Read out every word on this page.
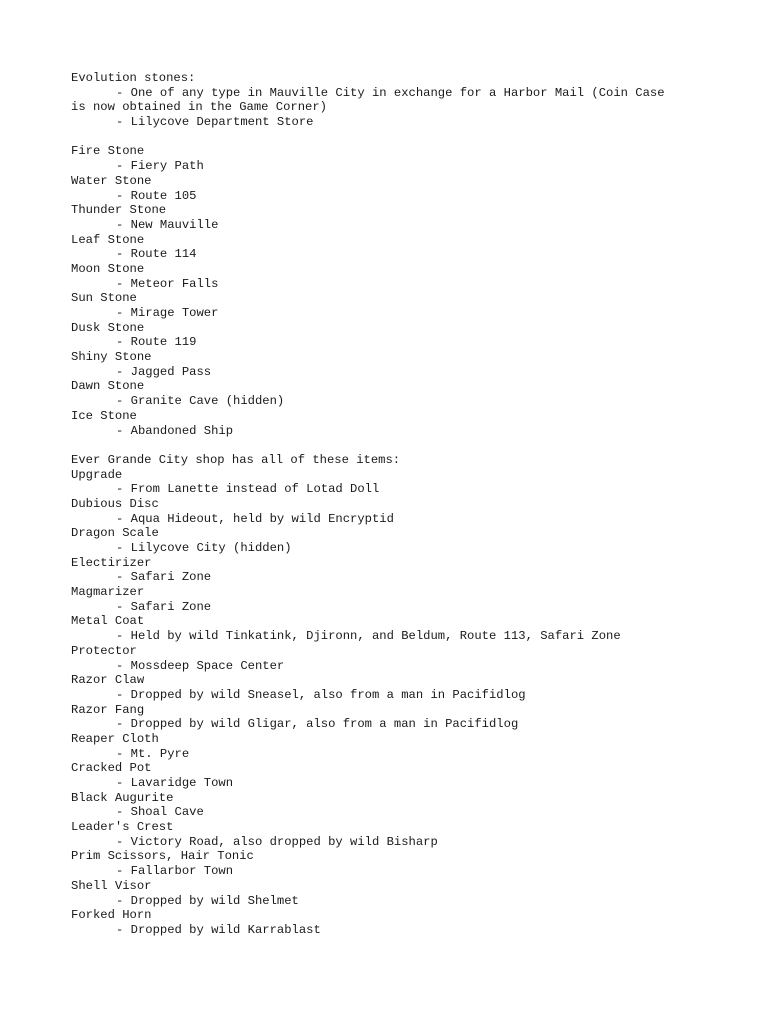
Evolution stones:
- One of any type in Mauville City in exchange for a Harbor Mail (Coin Case
is now obtained in the Game Corner)
- Lilycove Department Store
Fire Stone
- Fiery Path
Water Stone
- Route 105
Thunder Stone
- New Mauville
Leaf Stone
- Route 114
Moon Stone
- Meteor Falls
Sun Stone
- Mirage Tower
Dusk Stone
- Route 119
Shiny Stone
- Jagged Pass
Dawn Stone
- Granite Cave (hidden)
Ice Stone
- Abandoned Ship
Ever Grande City shop has all of these items:
Upgrade
- From Lanette instead of Lotad Doll
Dubious Disc
- Aqua Hideout, held by wild Encryptid
Dragon Scale
- Lilycove City (hidden)
Electirizer
- Safari Zone
Magmarizer
- Safari Zone
Metal Coat
- Held by wild Tinkatink, Djironn, and Beldum, Route 113, Safari Zone
Protector
- Mossdeep Space Center
Razor Claw
- Dropped by wild Sneasel, also from a man in Pacifidlog
Razor Fang
- Dropped by wild Gligar, also from a man in Pacifidlog
Reaper Cloth
- Mt. Pyre
Cracked Pot
- Lavaridge Town
Black Augurite
- Shoal Cave
Leader's Crest
- Victory Road, also dropped by wild Bisharp
Prim Scissors, Hair Tonic
- Fallarbor Town
Shell Visor
- Dropped by wild Shelmet
Forked Horn
- Dropped by wild Karrablast
